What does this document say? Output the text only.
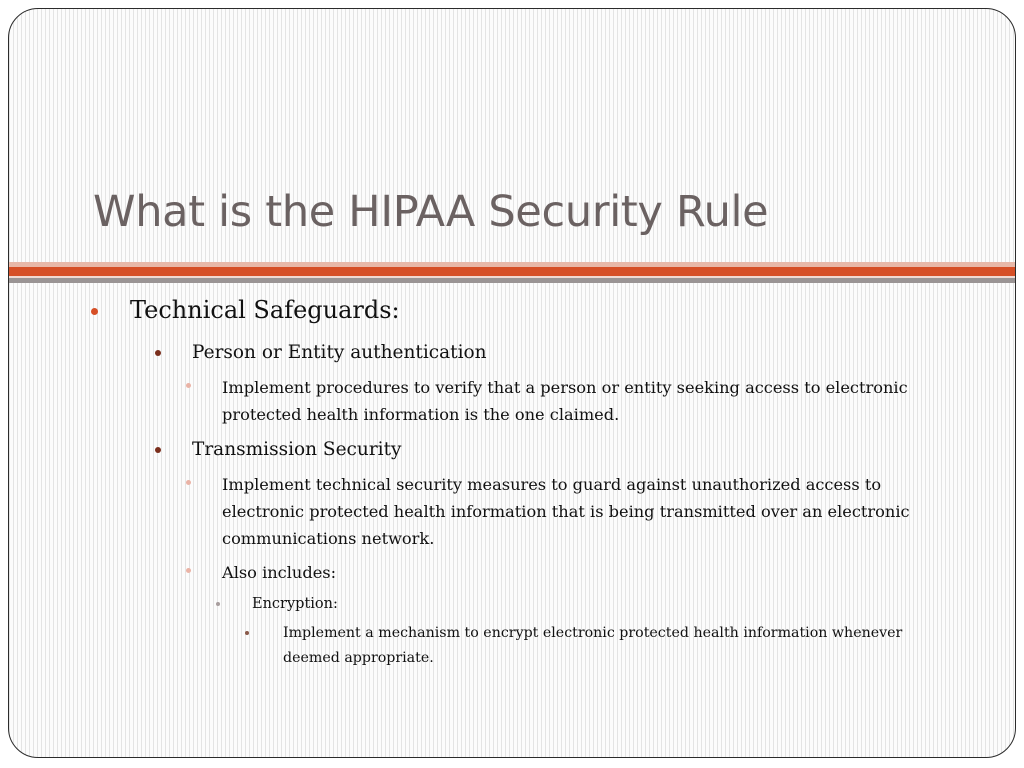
What is the HIPAA Security Rule

Technical Safeguards:

Person or Entity authentication

Implement procedures to verify that a person or entity seeking access to electronic protected health information is the one claimed.

Transmission Security

Implement technical security measures to guard against unauthorized access to electronic protected health information that is being transmitted over an electronic communications network.

Also includes:

Encryption:

Implement a mechanism to encrypt electronic protected health information whenever deemed appropriate.
